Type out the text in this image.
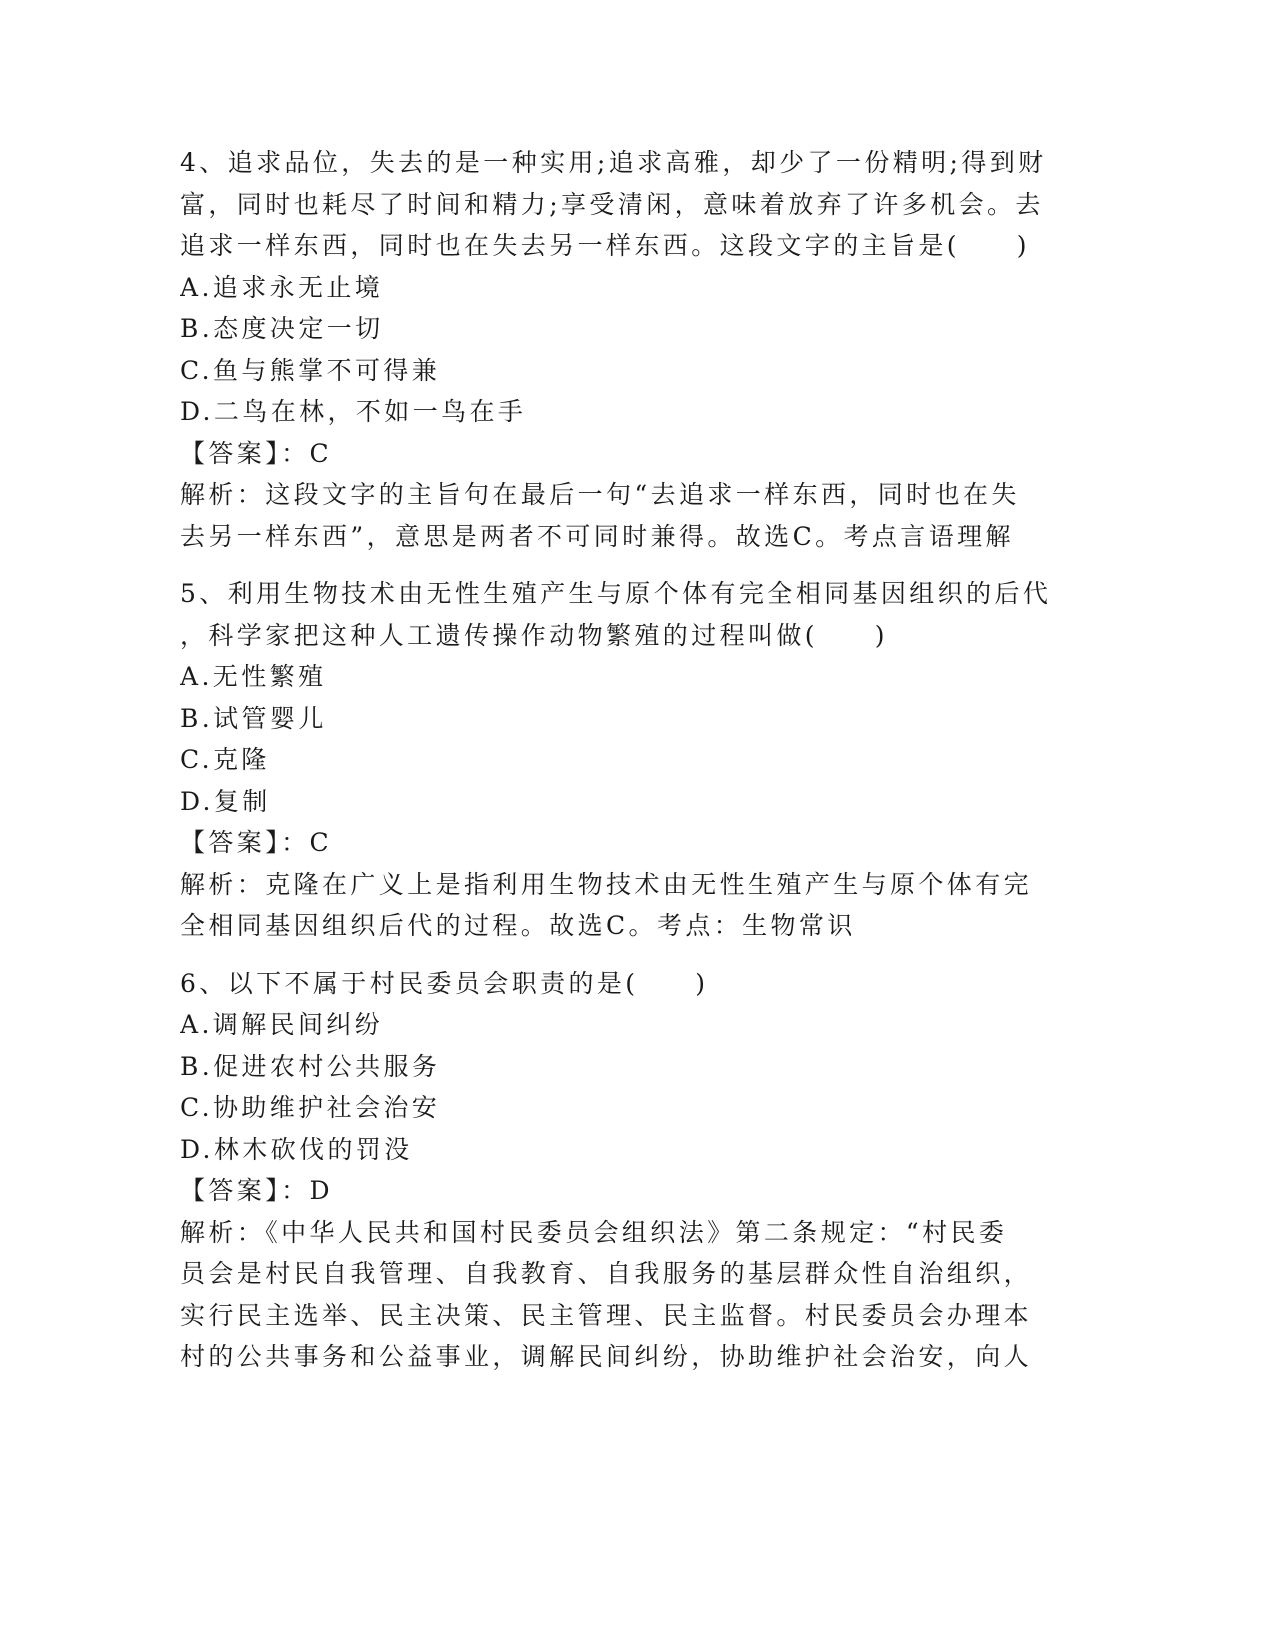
4、追求品位，失去的是一种实用;追求高雅，却少了一份精明;得到财
富，同时也耗尽了时间和精力;享受清闲，意味着放弃了许多机会。去
追求一样东西，同时也在失去另一样东西。这段文字的主旨是(　　)
A.追求永无止境
B.态度决定一切
C.鱼与熊掌不可得兼
D.二鸟在林，不如一鸟在手
【答案】：C
解析：这段文字的主旨句在最后一句“去追求一样东西，同时也在失
去另一样东西”，意思是两者不可同时兼得。故选C。考点言语理解
5、利用生物技术由无性生殖产生与原个体有完全相同基因组织的后代
，科学家把这种人工遗传操作动物繁殖的过程叫做(　　)
A.无性繁殖
B.试管婴儿
C.克隆
D.复制
【答案】：C
解析：克隆在广义上是指利用生物技术由无性生殖产生与原个体有完
全相同基因组织后代的过程。故选C。考点：生物常识
6、以下不属于村民委员会职责的是(　　)
A.调解民间纠纷
B.促进农村公共服务
C.协助维护社会治安
D.林木砍伐的罚没
【答案】：D
解析：《中华人民共和国村民委员会组织法》第二条规定：“村民委
员会是村民自我管理、自我教育、自我服务的基层群众性自治组织，
实行民主选举、民主决策、民主管理、民主监督。村民委员会办理本
村的公共事务和公益事业，调解民间纠纷，协助维护社会治安，向人
